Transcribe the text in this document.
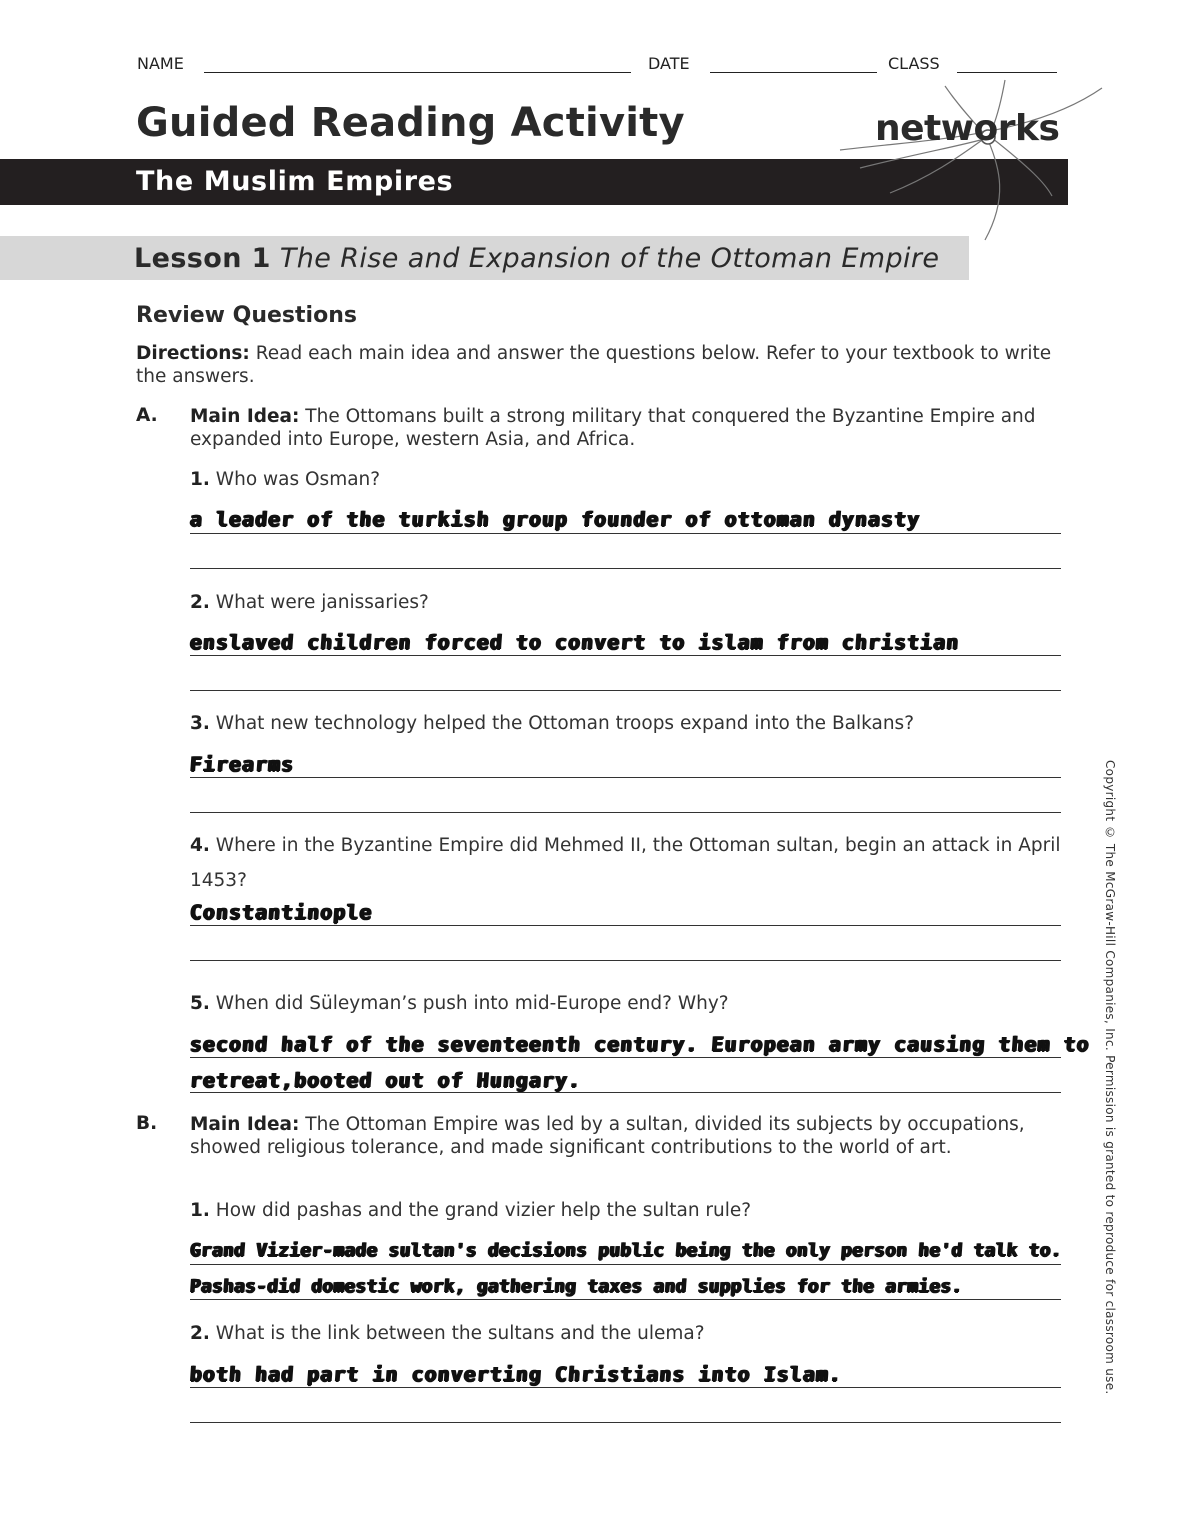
NAME	DATE	CLASS
Guided Reading Activity
The Muslim Empires
networks
Lesson 1 The Rise and Expansion of the Ottoman Empire
Review Questions
Directions: Read each main idea and answer the questions below. Refer to your textbook to write the answers.
A. Main Idea: The Ottomans built a strong military that conquered the Byzantine Empire and expanded into Europe, western Asia, and Africa.
1. Who was Osman?
a leader of the turkish group founder of ottoman dynasty
2. What were janissaries?
enslaved children forced to convert to islam from christian
3. What new technology helped the Ottoman troops expand into the Balkans?
Firearms
4. Where in the Byzantine Empire did Mehmed II, the Ottoman sultan, begin an attack in April 1453?
Constantinople
5. When did Süleyman’s push into mid-Europe end? Why?
second half of the seventeenth century. European army causing them to
retreat,booted out of Hungary.
B. Main Idea: The Ottoman Empire was led by a sultan, divided its subjects by occupations, showed religious tolerance, and made significant contributions to the world of art.
1. How did pashas and the grand vizier help the sultan rule?
Grand Vizier-made sultan's decisions public being the only person he'd talk to.
Pashas-did domestic work, gathering taxes and supplies for the armies.
2. What is the link between the sultans and the ulema?
both had part in converting Christians into Islam.	Copyright © The McGraw-Hill Companies, Inc. Permission is granted to reproduce for classroom use.
